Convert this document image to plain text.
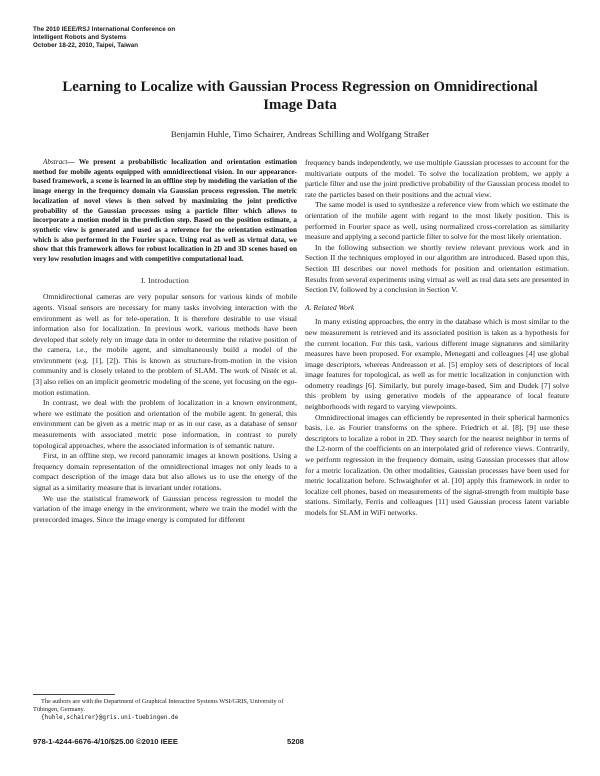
The 2010 IEEE/RSJ International Conference on
Intelligent Robots and Systems
October 18-22, 2010, Taipei, Taiwan
Learning to Localize with Gaussian Process Regression on Omnidirectional Image Data
Benjamin Huhle, Timo Schairer, Andreas Schilling and Wolfgang Straßer

Abstract— We present a probabilistic localization and orientation estimation method for mobile agents equipped with omnidirectional vision. In our appearance-based framework, a scene is learned in an offline step by modeling the variation of the image energy in the frequency domain via Gaussian process regression. The metric localization of novel views is then solved by maximizing the joint predictive probability of the Gaussian processes using a particle filter which allows to incorporate a motion model in the prediction step. Based on the position estimate, a synthetic view is generated and used as a reference for the orientation estimation which is also performed in the Fourier space. Using real as well as virtual data, we show that this framework allows for robust localization in 2D and 3D scenes based on very low resolution images and with competitive computational load.

I. Introduction

Omnidirectional cameras are very popular sensors for various kinds of mobile agents. Visual sensors are necessary for many tasks involving interaction with the environment as well as for tele-operation. It is therefore desirable to use visual information also for localization. In previous work, various methods have been developed that solely rely on image data in order to determine the relative position of the camera, i.e., the mobile agent, and simultaneously build a model of the environment (e.g. [1], [2]). This is known as structure-from-motion in the vision community and is closely related to the problem of SLAM. The work of Nistér et al. [3] also relies on an implicit geometric modeling of the scene, yet focusing on the ego-motion estimation.

In contrast, we deal with the problem of localization in a known environment, where we estimate the position and orientation of the mobile agent. In general, this environment can be given as a metric map or as in our case, as a database of sensor measurements with associated metric pose information, in contrast to purely topological approaches, where the associated information is of semantic nature.

First, in an offline step, we record panoramic images at known positions. Using a frequency domain representation of the omnidirectional images not only leads to a compact description of the image data but also allows us to use the energy of the signal as a similarity measure that is invariant under rotations.

We use the statistical framework of Gaussian process regression to model the variation of the image energy in the environment, where we train the model with the prerecorded images. Since the image energy is computed for different

frequency bands independently, we use multiple Gaussian processes to account for the multivariate outputs of the model. To solve the localization problem, we apply a particle filter and use the joint predictive probability of the Gaussian process model to rate the particles based on their positions and the actual view.

The same model is used to synthesize a reference view from which we estimate the orientation of the mobile agent with regard to the most likely position. This is performed in Fourier space as well, using normalized cross-correlation as similarity measure and applying a second particle filter to solve for the most likely orientation.

In the following subsection we shortly review relevant previous work and in Section II the techniques employed in our algorithm are introduced. Based upon this, Section III describes our novel methods for position and orientation estimation. Results from several experiments using virtual as well as real data sets are presented in Section IV, followed by a conclusion in Section V.

A. Related Work

In many existing approaches, the entry in the database which is most similar to the new measurement is retrieved and its associated position is taken as a hypothesis for the current location. For this task, various different image signatures and similarity measures have been proposed. For example, Menegatti and colleagues [4] use global image descriptors, whereas Andreasson et al. [5] employ sets of descriptors of local image features for topological, as well as for metric localization in conjunction with odometry readings [6]. Similarly, but purely image-based, Sim and Dudek [7] solve this problem by using generative models of the appearance of local feature neighborhoods with regard to varying viewpoints.

Omnidirectional images can efficiently be represented in their spherical harmonics basis, i.e. as Fourier transforms on the sphere. Friedrich et al. [8], [9] use these descriptors to localize a robot in 2D. They search for the nearest neighbor in terms of the L2-norm of the coefficients on an interpolated grid of reference views. Contrarily, we perform regression in the frequency domain, using Gaussian processes that allow for a metric localization. On other modalities, Gaussian processes have been used for metric localization before. Schwaighofer et al. [10] apply this framework in order to localize cell phones, based on measurements of the signal-strength from multiple base stations. Similarly, Ferris and colleagues [11] used Gaussian process latent variable models for SLAM in WiFi networks.

The authors are with the Department of Graphical Interactive Systems WSI/GRIS, University of Tübingen, Germany.

{huhle,schairer}@gris.uni-tuebingen.de

978-1-4244-6676-4/10/$25.00 ©2010 IEEE	5208
